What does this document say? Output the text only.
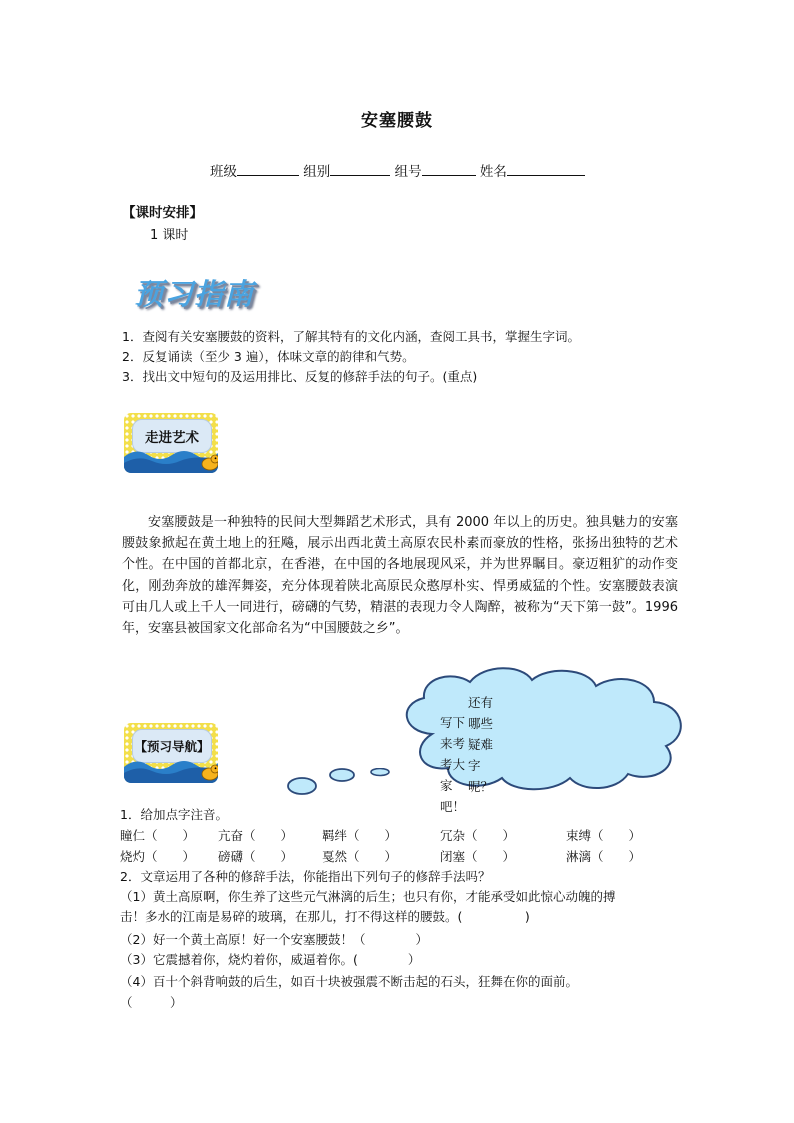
安塞腰鼓
班级	组别	组号	姓名
【课时安排】
1 课时
预习指南
1．查阅有关安塞腰鼓的资料，了解其特有的文化内涵，查阅工具书，掌握生字词。
2．反复诵读（至少 3 遍），体味文章的韵律和气势。
3．找出文中短句的及运用排比、反复的修辞手法的句子。(重点)
走进艺术
安塞腰鼓是一种独特的民间大型舞蹈艺术形式，具有 2000 年以上的历史。独具魅力的安塞腰鼓象掀起在黄土地上的狂飚，展示出西北黄土高原农民朴素而豪放的性格，张扬出独特的艺术个性。在中国的首都北京，在香港，在中国的各地展现风采，并为世界瞩目。豪迈粗犷的动作变化，刚劲奔放的雄浑舞姿，充分体现着陕北高原民众憨厚朴实、悍勇威猛的个性。安塞腰鼓表演可由几人或上千人一同进行，磅礴的气势，精湛的表现力令人陶醉，被称为“天下第一鼓”。1996 年，安塞县被国家文化部命名为“中国腰鼓之乡”。
还有哪些疑难字呢？
写下来考考大家吧！
【预习导航】
1．给加点字注音。
瞳仁（　　） 亢奋（　　） 羁绊（　　）	冗杂（　　）	束缚（　　）
烧灼（　　） 磅礴（　　） 戛然（　　）	闭塞（　　）	淋漓（　　）
2．文章运用了各种的修辞手法，你能指出下列句子的修辞手法吗？
（1）黄土高原啊，你生养了这些元气淋漓的后生；也只有你，才能承受如此惊心动魄的搏
击！多水的江南是易碎的玻璃，在那儿，打不得这样的腰鼓。(　　　　　)
（2）好一个黄土高原！好一个安塞腰鼓！（　　　　）
（3）它震撼着你，烧灼着你，威逼着你。(　　　　）
（4）百十个斜背响鼓的后生，如百十块被强震不断击起的石头，狂舞在你的面前。
（　　　）
